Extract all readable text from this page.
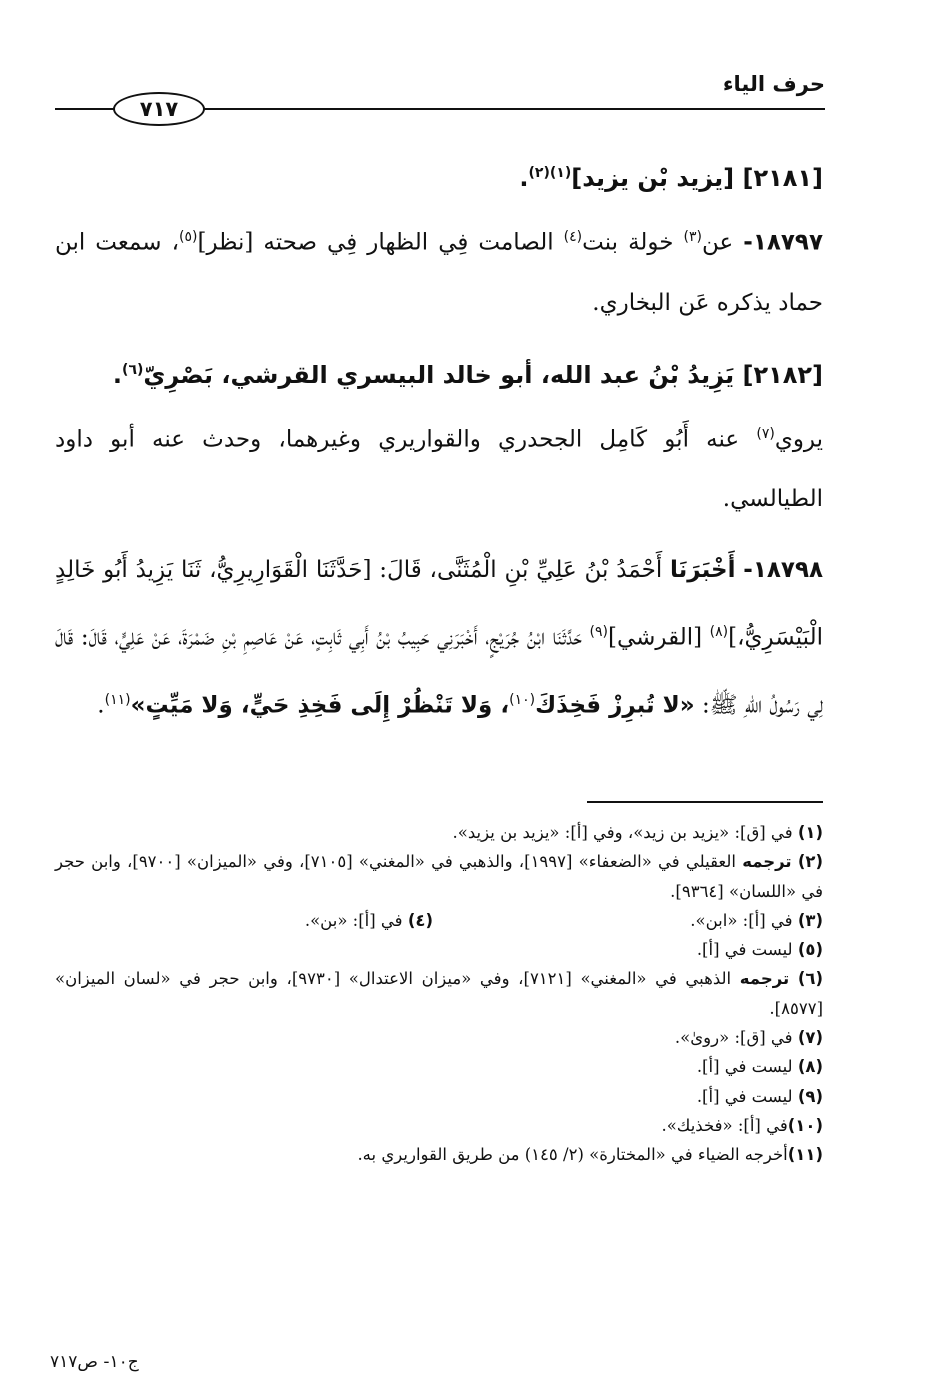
حرف الياء
٧١٧

[٢١٨١] [يزيد بْن يزيد]$^{(١)(٢)}$.

١٨٧٩٧- عن$^{(٣)}$ خولة بنت$^{(٤)}$ الصامت فِي الظهار فِي صحته [نظر]$^{(٥)}$، سمعت ابن حماد يذكره عَن البخاري.

[٢١٨٢] يَزِيدُ بْنُ عبد الله، أبو خالد البيسري القرشي، بَصْرِيّ$^{(٦)}$.

يروي$^{(٧)}$ عنه أَبُو كَامِل الجحدري والقواريري وغيرهما، وحدث عنه أبو داود الطيالسي.

١٨٧٩٨- أَخْبَرَنَا أَحْمَدُ بْنُ عَلِيِّ بْنِ الْمُثَنَّى، قَالَ: [حَدَّثَنَا الْقَوَارِيرِيُّ، ثَنَا يَزِيدُ أَبُو خَالِدٍ الْبَيْسَرِيُّ،]$^{(٨)}$ [القرشي]$^{(٩)}$ حَدَّثَنَا ابْنُ جُرَيْجٍ، أَخْبَرَنِي حَبِيبُ بْنُ أَبِي ثَابِتٍ، عَنْ عَاصِمِ بْنِ ضَمْرَةَ، عَنْ عَلِيٍّ، قَالَ: قَالَ لِي رَسُولُ اللهِ ﷺ: «لا تُبرِزْ فَخِذَكَ$^{(١٠)}$، وَلا تَنْظُرْ إِلَى فَخِذِ حَيٍّ، وَلا مَيِّتٍ»$^{(١١)}$.

(١) في [ق]: «يزيد بن زيد»، وفي [أ]: «يزيد بن يزيد».

(٢) ترجمه العقيلي في «الضعفاء» [١٩٩٧]، والذهبي في «المغني» [٧١٠٥]، وفي «الميزان» [٩٧٠٠]، وابن حجر في «اللسان» [٩٣٦٤].

(٣) في [أ]: «ابن».

(٤) في [أ]: «بن».

(٥) ليست في [أ].

(٦) ترجمه الذهبي في «المغني» [٧١٢١]، وفي «ميزان الاعتدال» [٩٧٣٠]، وابن حجر في «لسان الميزان» [٨٥٧٧].

(٧) في [ق]: «روىٰ».

(٨) ليست في [أ].

(٩) ليست في [أ].

(١٠)في [أ]: «فخذيك».

(١١)أخرجه الضياء في «المختارة» (٢/ ١٤٥) من طريق القواريري به.

ج١٠- ص٧١٧
